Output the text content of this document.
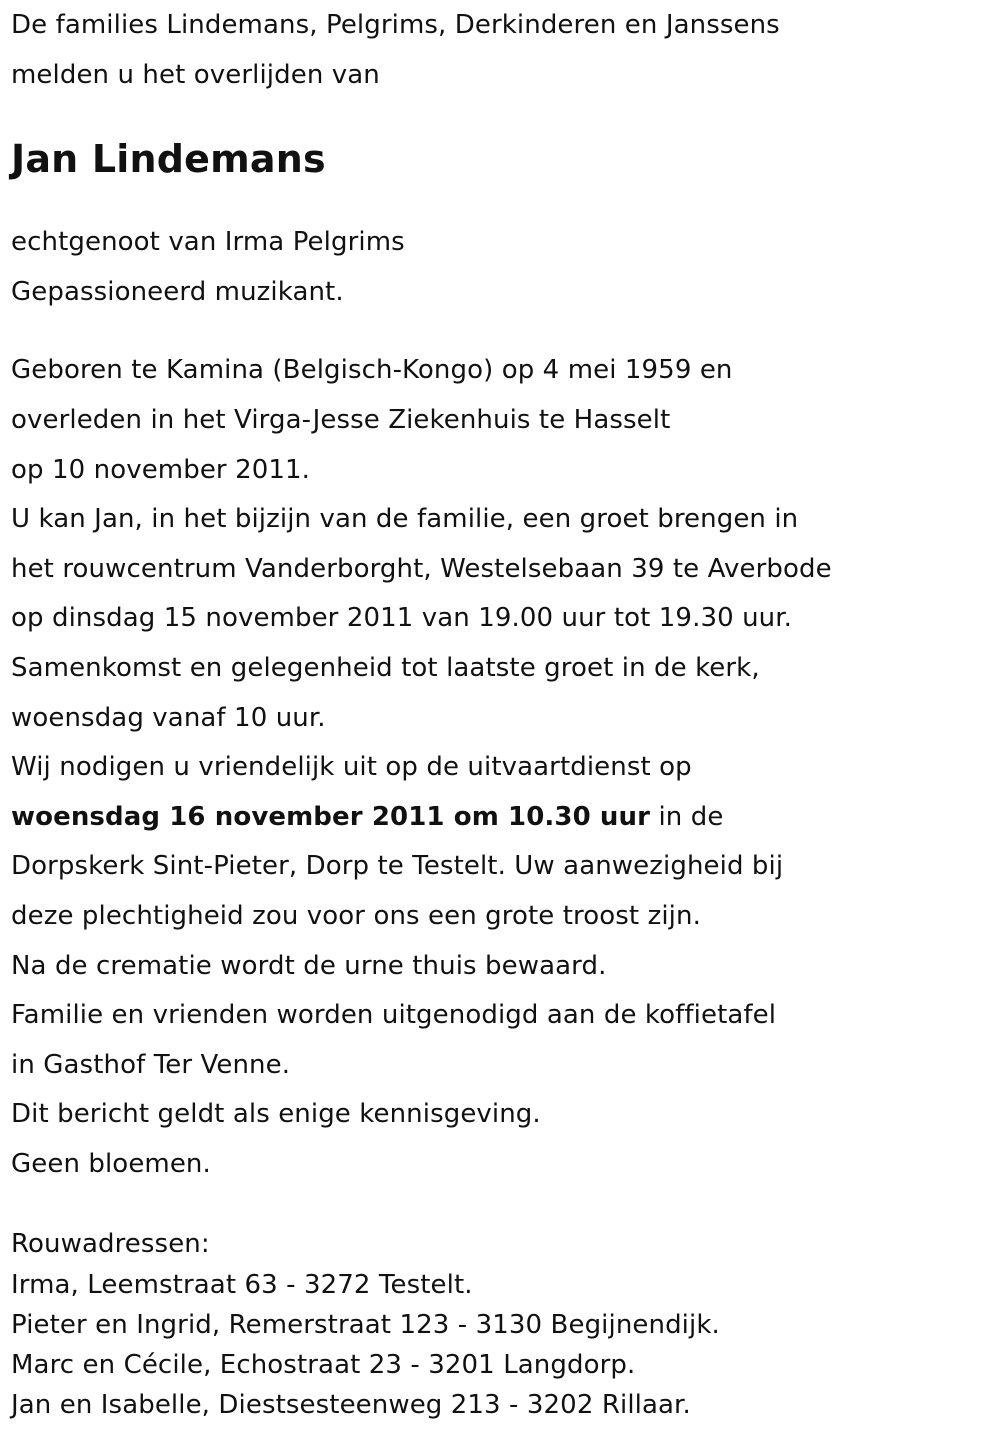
De families Lindemans, Pelgrims, Derkinderen en Janssens
melden u het overlijden van
Jan Lindemans
echtgenoot van Irma Pelgrims
Gepassioneerd muzikant.
Geboren te Kamina (Belgisch-Kongo) op 4 mei 1959 en
overleden in het Virga-Jesse Ziekenhuis te Hasselt
op 10 november 2011.
U kan Jan, in het bijzijn van de familie, een groet brengen in
het rouwcentrum Vanderborght, Westelsebaan 39 te Averbode
op dinsdag 15 november 2011 van 19.00 uur tot 19.30 uur.
Samenkomst en gelegenheid tot laatste groet in de kerk,
woensdag vanaf 10 uur.
Wij nodigen u vriendelijk uit op de uitvaartdienst op
woensdag 16 november 2011 om 10.30 uur in de
Dorpskerk Sint-Pieter, Dorp te Testelt. Uw aanwezigheid bij
deze plechtigheid zou voor ons een grote troost zijn.
Na de crematie wordt de urne thuis bewaard.
Familie en vrienden worden uitgenodigd aan de koffietafel
in Gasthof Ter Venne.
Dit bericht geldt als enige kennisgeving.
Geen bloemen.
Rouwadressen:
Irma, Leemstraat 63 - 3272 Testelt.
Pieter en Ingrid, Remerstraat 123 - 3130 Begijnendijk.
Marc en Cécile, Echostraat 23 - 3201 Langdorp.
Jan en Isabelle, Diestsesteenweg 213 - 3202 Rillaar.
